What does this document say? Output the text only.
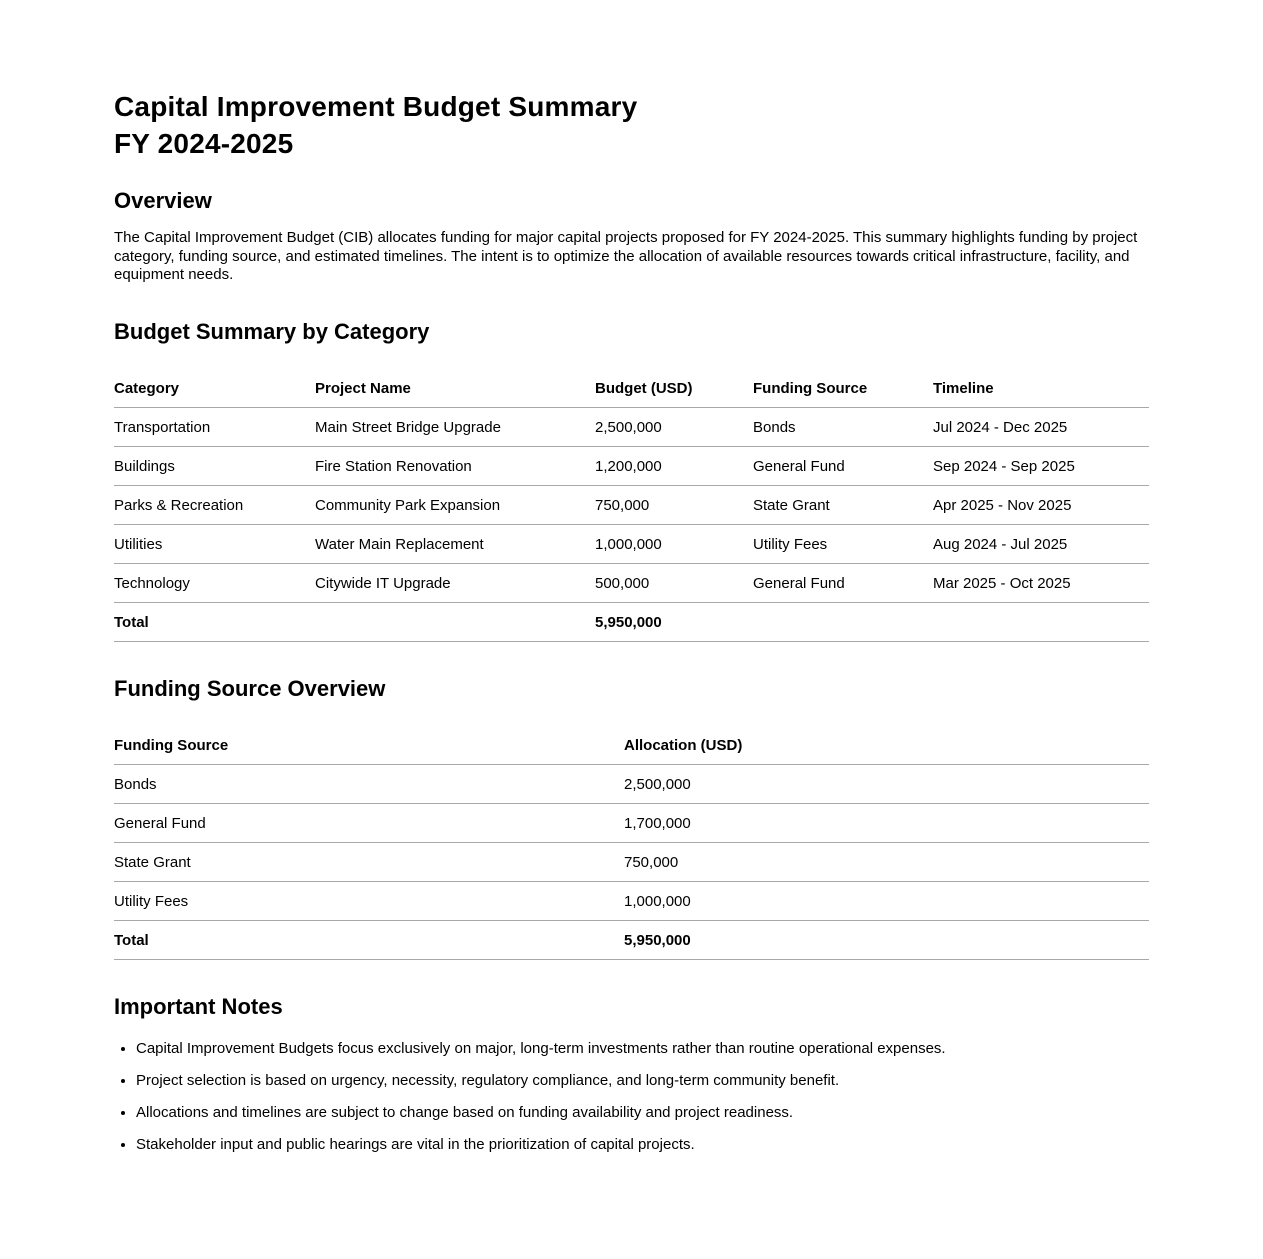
Capital Improvement Budget Summary
FY 2024-2025
Overview

The Capital Improvement Budget (CIB) allocates funding for major capital projects proposed for FY 2024-2025. This summary highlights funding by project category, funding source, and estimated timelines. The intent is to optimize the allocation of available resources towards critical infrastructure, facility, and equipment needs.

Budget Summary by Category
Category	Project Name	Budget (USD)	Funding Source	Timeline
Transportation	Main Street Bridge Upgrade	2,500,000	Bonds	Jul 2024 - Dec 2025
Buildings	Fire Station Renovation	1,200,000	General Fund	Sep 2024 - Sep 2025
Parks & Recreation	Community Park Expansion	750,000	State Grant	Apr 2025 - Nov 2025
Utilities	Water Main Replacement	1,000,000	Utility Fees	Aug 2024 - Jul 2025
Technology	Citywide IT Upgrade	500,000	General Fund	Mar 2025 - Oct 2025
Total		5,950,000		
Funding Source Overview
Funding Source	Allocation (USD)
Bonds	2,500,000
General Fund	1,700,000
State Grant	750,000
Utility Fees	1,000,000
Total	5,950,000
Important Notes
• Capital Improvement Budgets focus exclusively on major, long-term investments rather than routine operational expenses.
• Project selection is based on urgency, necessity, regulatory compliance, and long-term community benefit.
• Allocations and timelines are subject to change based on funding availability and project readiness.
• Stakeholder input and public hearings are vital in the prioritization of capital projects.
